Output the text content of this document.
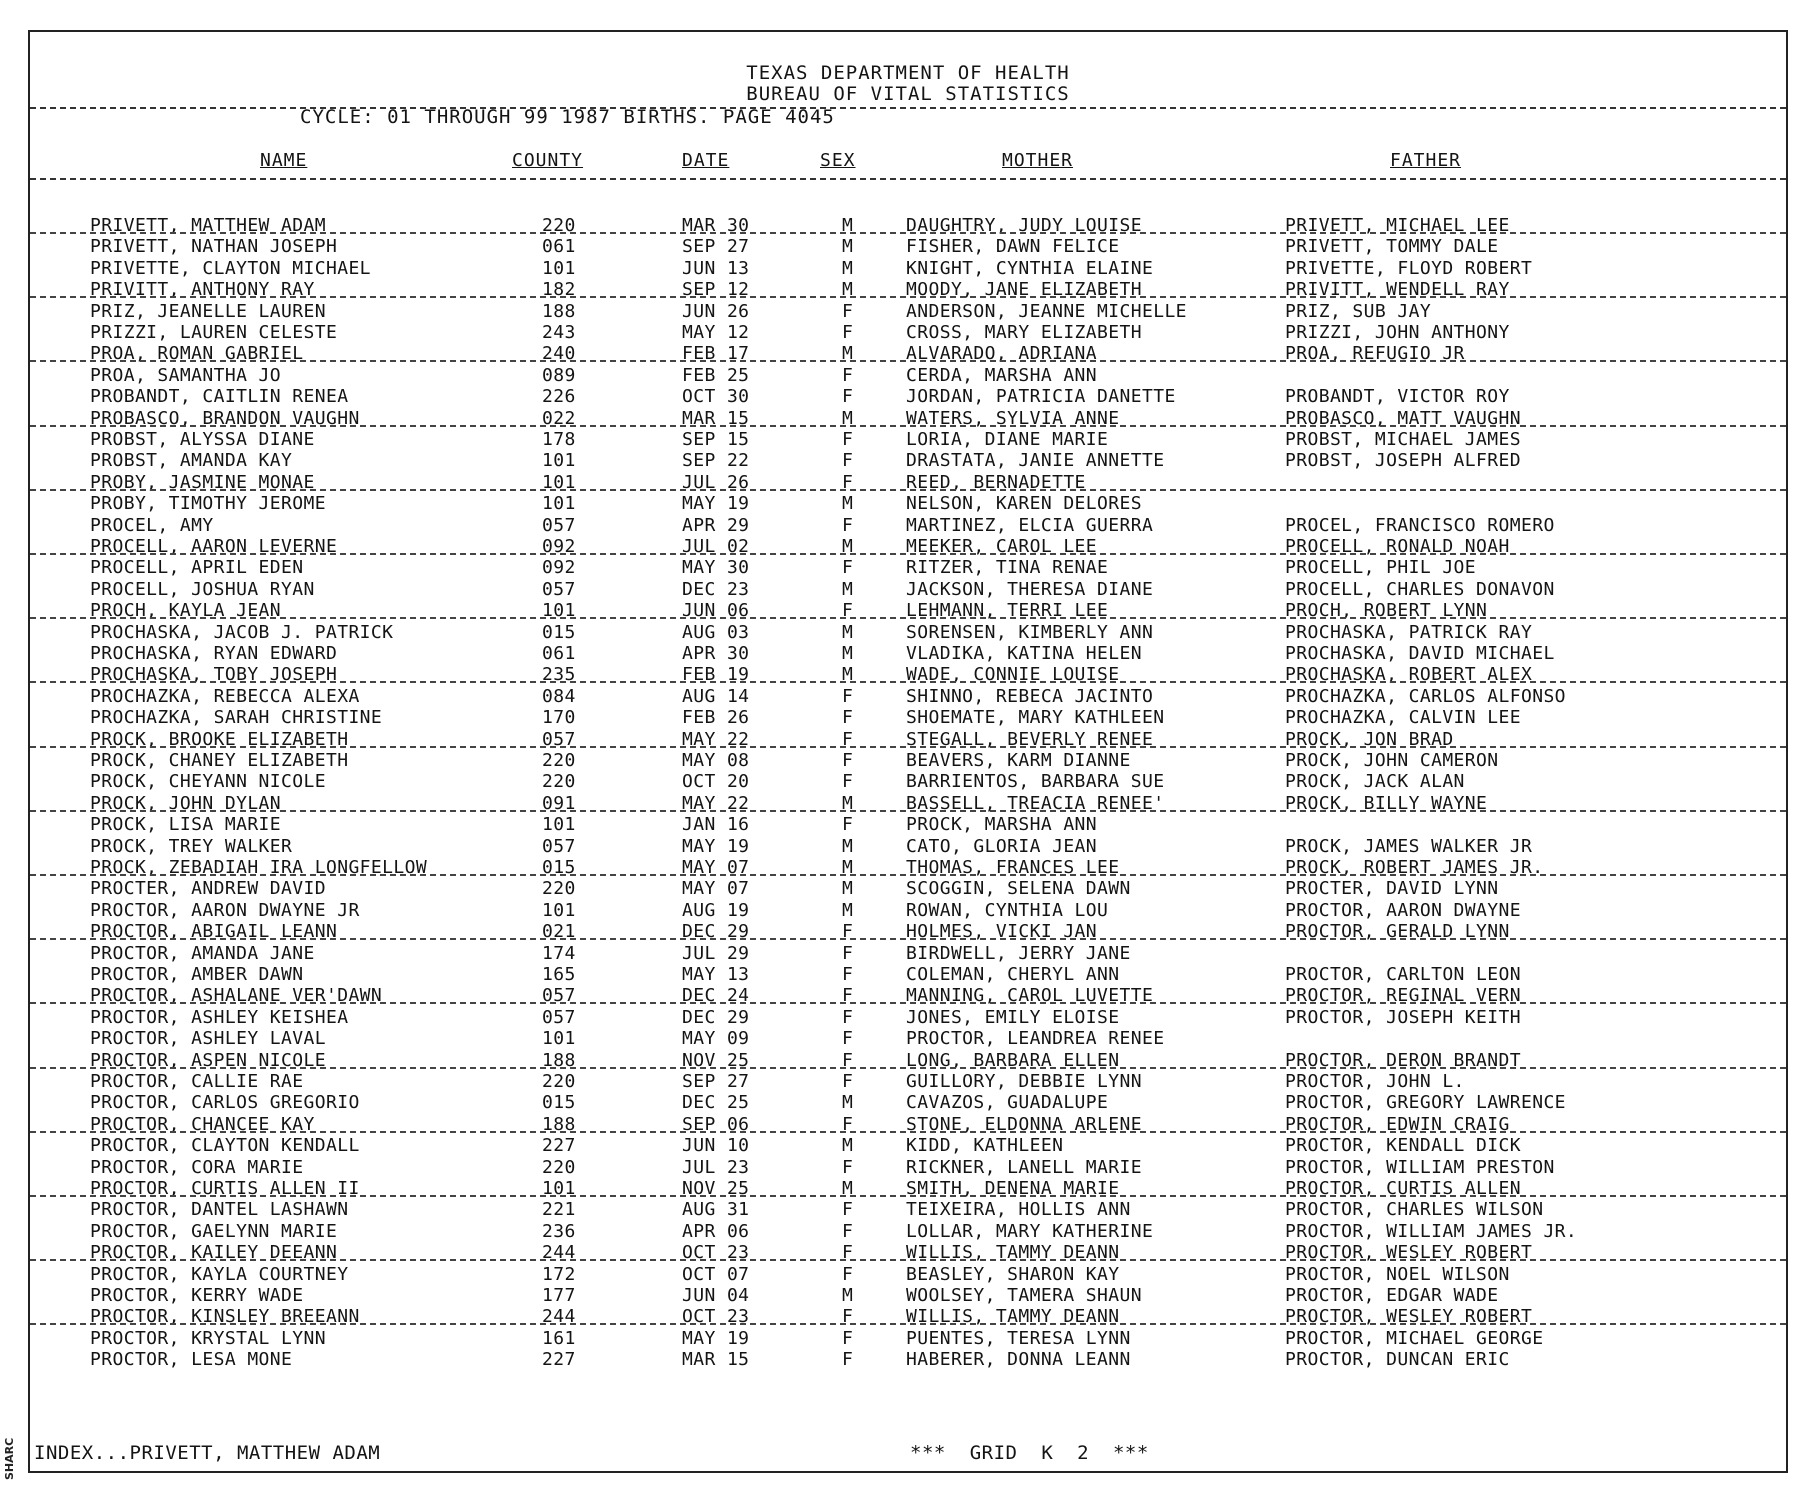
TEXAS DEPARTMENT OF HEALTH
BUREAU OF VITAL STATISTICS
CYCLE: 01 THROUGH 99 1987 BIRTHS. PAGE 4045
NAME	COUNTY	DATE	SEX	MOTHER	FATHER
PRIVETT, MATTHEW ADAM	220	MAR 30	M	DAUGHTRY, JUDY LOUISE	PRIVETT, MICHAEL LEE
PRIVETT, NATHAN JOSEPH	061	SEP 27	M	FISHER, DAWN FELICE	PRIVETT, TOMMY DALE
PRIVETTE, CLAYTON MICHAEL	101	JUN 13	M	KNIGHT, CYNTHIA ELAINE	PRIVETTE, FLOYD ROBERT
PRIVITT, ANTHONY RAY	182	SEP 12	M	MOODY, JANE ELIZABETH	PRIVITT, WENDELL RAY
PRIZ, JEANELLE LAUREN	188	JUN 26	F	ANDERSON, JEANNE MICHELLE	PRIZ, SUB JAY
PRIZZI, LAUREN CELESTE	243	MAY 12	F	CROSS, MARY ELIZABETH	PRIZZI, JOHN ANTHONY
PROA, ROMAN GABRIEL	240	FEB 17	M	ALVARADO, ADRIANA	PROA, REFUGIO JR
PROA, SAMANTHA JO	089	FEB 25	F	CERDA, MARSHA ANN
PROBANDT, CAITLIN RENEA	226	OCT 30	F	JORDAN, PATRICIA DANETTE	PROBANDT, VICTOR ROY
PROBASCO, BRANDON VAUGHN	022	MAR 15	M	WATERS, SYLVIA ANNE	PROBASCO, MATT VAUGHN
PROBST, ALYSSA DIANE	178	SEP 15	F	LORIA, DIANE MARIE	PROBST, MICHAEL JAMES
PROBST, AMANDA KAY	101	SEP 22	F	DRASTATA, JANIE ANNETTE	PROBST, JOSEPH ALFRED
PROBY, JASMINE MONAE	101	JUL 26	F	REED, BERNADETTE
PROBY, TIMOTHY JEROME	101	MAY 19	M	NELSON, KAREN DELORES
PROCEL, AMY	057	APR 29	F	MARTINEZ, ELCIA GUERRA	PROCEL, FRANCISCO ROMERO
PROCELL, AARON LEVERNE	092	JUL 02	M	MEEKER, CAROL LEE	PROCELL, RONALD NOAH
PROCELL, APRIL EDEN	092	MAY 30	F	RITZER, TINA RENAE	PROCELL, PHIL JOE
PROCELL, JOSHUA RYAN	057	DEC 23	M	JACKSON, THERESA DIANE	PROCELL, CHARLES DONAVON
PROCH, KAYLA JEAN	101	JUN 06	F	LEHMANN, TERRI LEE	PROCH, ROBERT LYNN
PROCHASKA, JACOB J. PATRICK	015	AUG 03	M	SORENSEN, KIMBERLY ANN	PROCHASKA, PATRICK RAY
PROCHASKA, RYAN EDWARD	061	APR 30	M	VLADIKA, KATINA HELEN	PROCHASKA, DAVID MICHAEL
PROCHASKA, TOBY JOSEPH	235	FEB 19	M	WADE, CONNIE LOUISE	PROCHASKA, ROBERT ALEX
PROCHAZKA, REBECCA ALEXA	084	AUG 14	F	SHINNO, REBECA JACINTO	PROCHAZKA, CARLOS ALFONSO
PROCHAZKA, SARAH CHRISTINE	170	FEB 26	F	SHOEMATE, MARY KATHLEEN	PROCHAZKA, CALVIN LEE
PROCK, BROOKE ELIZABETH	057	MAY 22	F	STEGALL, BEVERLY RENEE	PROCK, JON BRAD
PROCK, CHANEY ELIZABETH	220	MAY 08	F	BEAVERS, KARM DIANNE	PROCK, JOHN CAMERON
PROCK, CHEYANN NICOLE	220	OCT 20	F	BARRIENTOS, BARBARA SUE	PROCK, JACK ALAN
PROCK, JOHN DYLAN	091	MAY 22	M	BASSELL, TREACIA RENEE'	PROCK, BILLY WAYNE
PROCK, LISA MARIE	101	JAN 16	F	PROCK, MARSHA ANN
PROCK, TREY WALKER	057	MAY 19	M	CATO, GLORIA JEAN	PROCK, JAMES WALKER JR
PROCK, ZEBADIAH IRA LONGFELLOW	015	MAY 07	M	THOMAS, FRANCES LEE	PROCK, ROBERT JAMES JR.
PROCTER, ANDREW DAVID	220	MAY 07	M	SCOGGIN, SELENA DAWN	PROCTER, DAVID LYNN
PROCTOR, AARON DWAYNE JR	101	AUG 19	M	ROWAN, CYNTHIA LOU	PROCTOR, AARON DWAYNE
PROCTOR, ABIGAIL LEANN	021	DEC 29	F	HOLMES, VICKI JAN	PROCTOR, GERALD LYNN
PROCTOR, AMANDA JANE	174	JUL 29	F	BIRDWELL, JERRY JANE
PROCTOR, AMBER DAWN	165	MAY 13	F	COLEMAN, CHERYL ANN	PROCTOR, CARLTON LEON
PROCTOR, ASHALANE VER'DAWN	057	DEC 24	F	MANNING, CAROL LUVETTE	PROCTOR, REGINAL VERN
PROCTOR, ASHLEY KEISHEA	057	DEC 29	F	JONES, EMILY ELOISE	PROCTOR, JOSEPH KEITH
PROCTOR, ASHLEY LAVAL	101	MAY 09	F	PROCTOR, LEANDREA RENEE
PROCTOR, ASPEN NICOLE	188	NOV 25	F	LONG, BARBARA ELLEN	PROCTOR, DERON BRANDT
PROCTOR, CALLIE RAE	220	SEP 27	F	GUILLORY, DEBBIE LYNN	PROCTOR, JOHN L.
PROCTOR, CARLOS GREGORIO	015	DEC 25	M	CAVAZOS, GUADALUPE	PROCTOR, GREGORY LAWRENCE
PROCTOR, CHANCEE KAY	188	SEP 06	F	STONE, ELDONNA ARLENE	PROCTOR, EDWIN CRAIG
PROCTOR, CLAYTON KENDALL	227	JUN 10	M	KIDD, KATHLEEN	PROCTOR, KENDALL DICK
PROCTOR, CORA MARIE	220	JUL 23	F	RICKNER, LANELL MARIE	PROCTOR, WILLIAM PRESTON
PROCTOR, CURTIS ALLEN II	101	NOV 25	M	SMITH, DENENA MARIE	PROCTOR, CURTIS ALLEN
PROCTOR, DANTEL LASHAWN	221	AUG 31	F	TEIXEIRA, HOLLIS ANN	PROCTOR, CHARLES WILSON
PROCTOR, GAELYNN MARIE	236	APR 06	F	LOLLAR, MARY KATHERINE	PROCTOR, WILLIAM JAMES JR.
PROCTOR, KAILEY DEEANN	244	OCT 23	F	WILLIS, TAMMY DEANN	PROCTOR, WESLEY ROBERT
PROCTOR, KAYLA COURTNEY	172	OCT 07	F	BEASLEY, SHARON KAY	PROCTOR, NOEL WILSON
PROCTOR, KERRY WADE	177	JUN 04	M	WOOLSEY, TAMERA SHAUN	PROCTOR, EDGAR WADE
PROCTOR, KINSLEY BREEANN	244	OCT 23	F	WILLIS, TAMMY DEANN	PROCTOR, WESLEY ROBERT
PROCTOR, KRYSTAL LYNN	161	MAY 19	F	PUENTES, TERESA LYNN	PROCTOR, MICHAEL GEORGE
PROCTOR, LESA MONE	227	MAR 15	F	HABERER, DONNA LEANN	PROCTOR, DUNCAN ERIC
INDEX...PRIVETT, MATTHEW ADAM	***  GRID  K  2  ***
SHARC
